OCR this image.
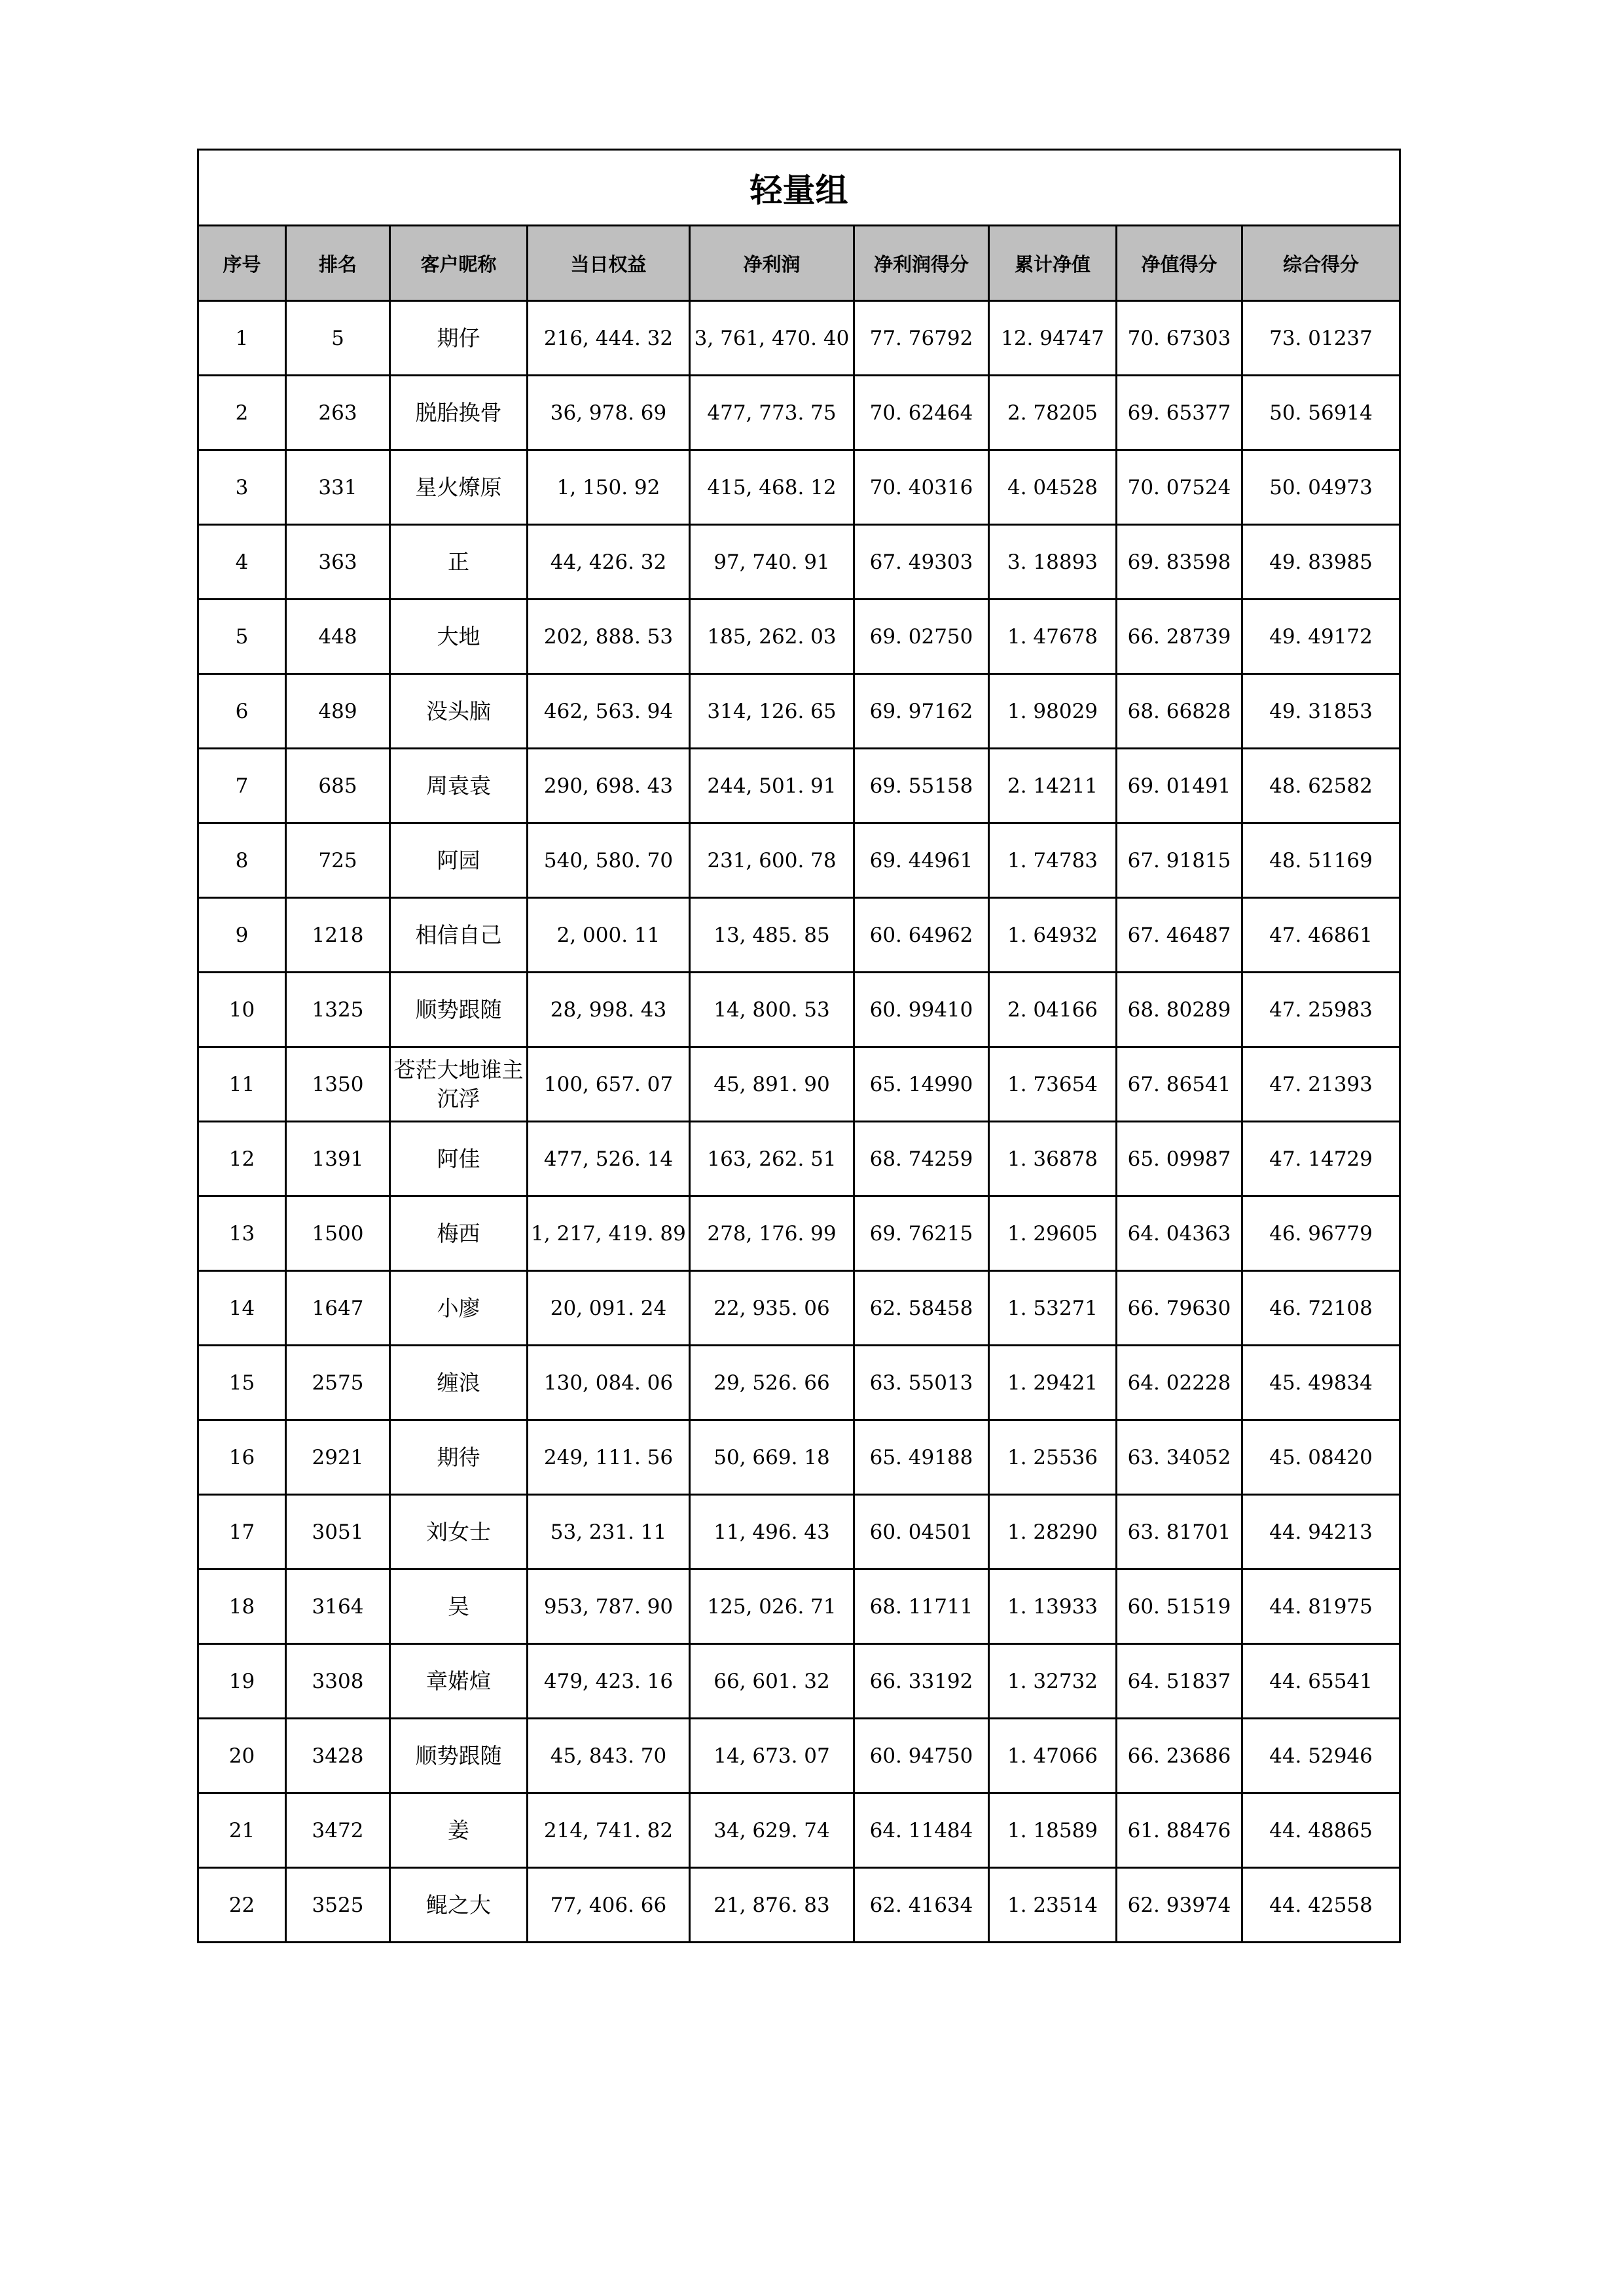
轻量组								
序号	排名	客户昵称	当日权益	净利润	净利润得分	累计净值	净值得分	综合得分
1	5	期仔	216, 444. 32	3, 761, 470. 40	77. 76792	12. 94747	70. 67303	73. 01237
2	263	脱胎换骨	36, 978. 69	477, 773. 75	70. 62464	2. 78205	69. 65377	50. 56914
3	331	星火燎原	1, 150. 92	415, 468. 12	70. 40316	4. 04528	70. 07524	50. 04973
4	363	正	44, 426. 32	97, 740. 91	67. 49303	3. 18893	69. 83598	49. 83985
5	448	大地	202, 888. 53	185, 262. 03	69. 02750	1. 47678	66. 28739	49. 49172
6	489	没头脑	462, 563. 94	314, 126. 65	69. 97162	1. 98029	68. 66828	49. 31853
7	685	周袁袁	290, 698. 43	244, 501. 91	69. 55158	2. 14211	69. 01491	48. 62582
8	725	阿园	540, 580. 70	231, 600. 78	69. 44961	1. 74783	67. 91815	48. 51169
9	1218	相信自己	2, 000. 11	13, 485. 85	60. 64962	1. 64932	67. 46487	47. 46861
10	1325	顺势跟随	28, 998. 43	14, 800. 53	60. 99410	2. 04166	68. 80289	47. 25983
11	1350	苍茫大地谁主沉浮	100, 657. 07	45, 891. 90	65. 14990	1. 73654	67. 86541	47. 21393
12	1391	阿佳	477, 526. 14	163, 262. 51	68. 74259	1. 36878	65. 09987	47. 14729
13	1500	梅西	1, 217, 419. 89	278, 176. 99	69. 76215	1. 29605	64. 04363	46. 96779
14	1647	小廖	20, 091. 24	22, 935. 06	62. 58458	1. 53271	66. 79630	46. 72108
15	2575	缠浪	130, 084. 06	29, 526. 66	63. 55013	1. 29421	64. 02228	45. 49834
16	2921	期待	249, 111. 56	50, 669. 18	65. 49188	1. 25536	63. 34052	45. 08420
17	3051	刘女士	53, 231. 11	11, 496. 43	60. 04501	1. 28290	63. 81701	44. 94213
18	3164	吴	953, 787. 90	125, 026. 71	68. 11711	1. 13933	60. 51519	44. 81975
19	3308	章婼煊	479, 423. 16	66, 601. 32	66. 33192	1. 32732	64. 51837	44. 65541
20	3428	顺势跟随	45, 843. 70	14, 673. 07	60. 94750	1. 47066	66. 23686	44. 52946
21	3472	姜	214, 741. 82	34, 629. 74	64. 11484	1. 18589	61. 88476	44. 48865
22	3525	鲲之大	77, 406. 66	21, 876. 83	62. 41634	1. 23514	62. 93974	44. 42558
